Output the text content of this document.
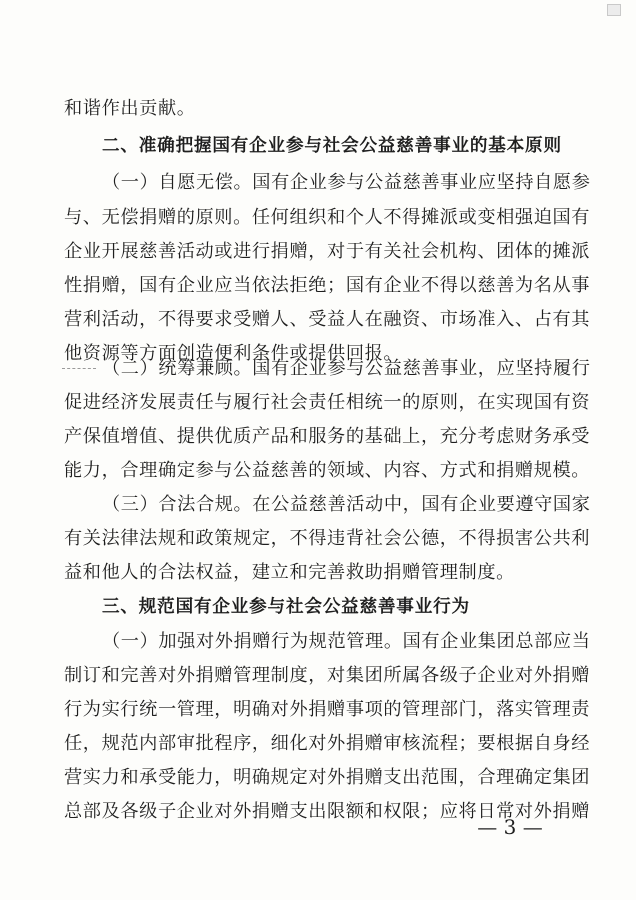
和谐作出贡献。
二、准确把握国有企业参与社会公益慈善事业的基本原则
（一）自愿无偿。国有企业参与公益慈善事业应坚持自愿参
与、无偿捐赠的原则。任何组织和个人不得摊派或变相强迫国有
企业开展慈善活动或进行捐赠，对于有关社会机构、团体的摊派
性捐赠，国有企业应当依法拒绝；国有企业不得以慈善为名从事
营利活动，不得要求受赠人、受益人在融资、市场准入、占有其
他资源等方面创造便利条件或提供回报。
（二）统筹兼顾。国有企业参与公益慈善事业，应坚持履行
促进经济发展责任与履行社会责任相统一的原则，在实现国有资
产保值增值、提供优质产品和服务的基础上，充分考虑财务承受
能力，合理确定参与公益慈善的领域、内容、方式和捐赠规模。
（三）合法合规。在公益慈善活动中，国有企业要遵守国家
有关法律法规和政策规定，不得违背社会公德，不得损害公共利
益和他人的合法权益，建立和完善救助捐赠管理制度。
三、规范国有企业参与社会公益慈善事业行为
（一）加强对外捐赠行为规范管理。国有企业集团总部应当
制订和完善对外捐赠管理制度，对集团所属各级子企业对外捐赠
行为实行统一管理，明确对外捐赠事项的管理部门，落实管理责
任，规范内部审批程序，细化对外捐赠审核流程；要根据自身经
营实力和承受能力，明确规定对外捐赠支出范围，合理确定集团
总部及各级子企业对外捐赠支出限额和权限；应将日常对外捐赠
— 3 —
